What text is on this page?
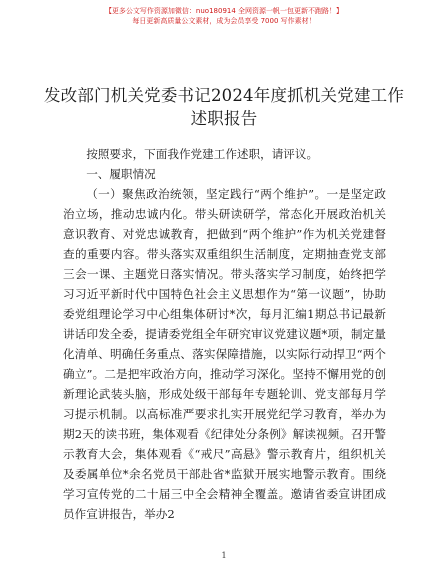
【更多公文写作资源加微信：nuo180914 全网资源一帆一包更新不跑路！】
每日更新高质量公文素材，成为会员享受 7000 写作素材！
发改部门机关党委书记2024年度抓机关党建工作述职报告

按照要求，下面我作党建工作述职，请评议。

一、履职情况

（一）聚焦政治统领，坚定践行“两个维护”。一是坚定政治立场，推动忠诚内化。带头研读研学，常态化开展政治机关意识教育、对党忠诚教育，把做到“两个维护”作为机关党建督查的重要内容。带头落实双重组织生活制度，定期抽查党支部三会一课、主题党日落实情况。带头落实学习制度，始终把学习习近平新时代中国特色社会主义思想作为“第一议题”，协助委党组理论学习中心组集体研讨*次，每月汇编1期总书记最新讲话印发全委，提请委党组全年研究审议党建议题*项，制定量化清单、明确任务重点、落实保障措施，以实际行动捍卫“两个确立”。二是把牢政治方向，推动学习深化。坚持不懈用党的创新理论武装头脑，形成处级干部每年专题轮训、党支部每月学习提示机制。以高标准严要求扎实开展党纪学习教育，举办为期2天的读书班，集体观看《纪律处分条例》解读视频。召开警示教育大会，集体观看《“戒尺”高悬》警示教育片，组织机关及委属单位*余名党员干部赴省*监狱开展实地警示教育。围绕学习宣传党的二十届三中全会精神全覆盖。邀请省委宣讲团成员作宣讲报告，举办2

1
